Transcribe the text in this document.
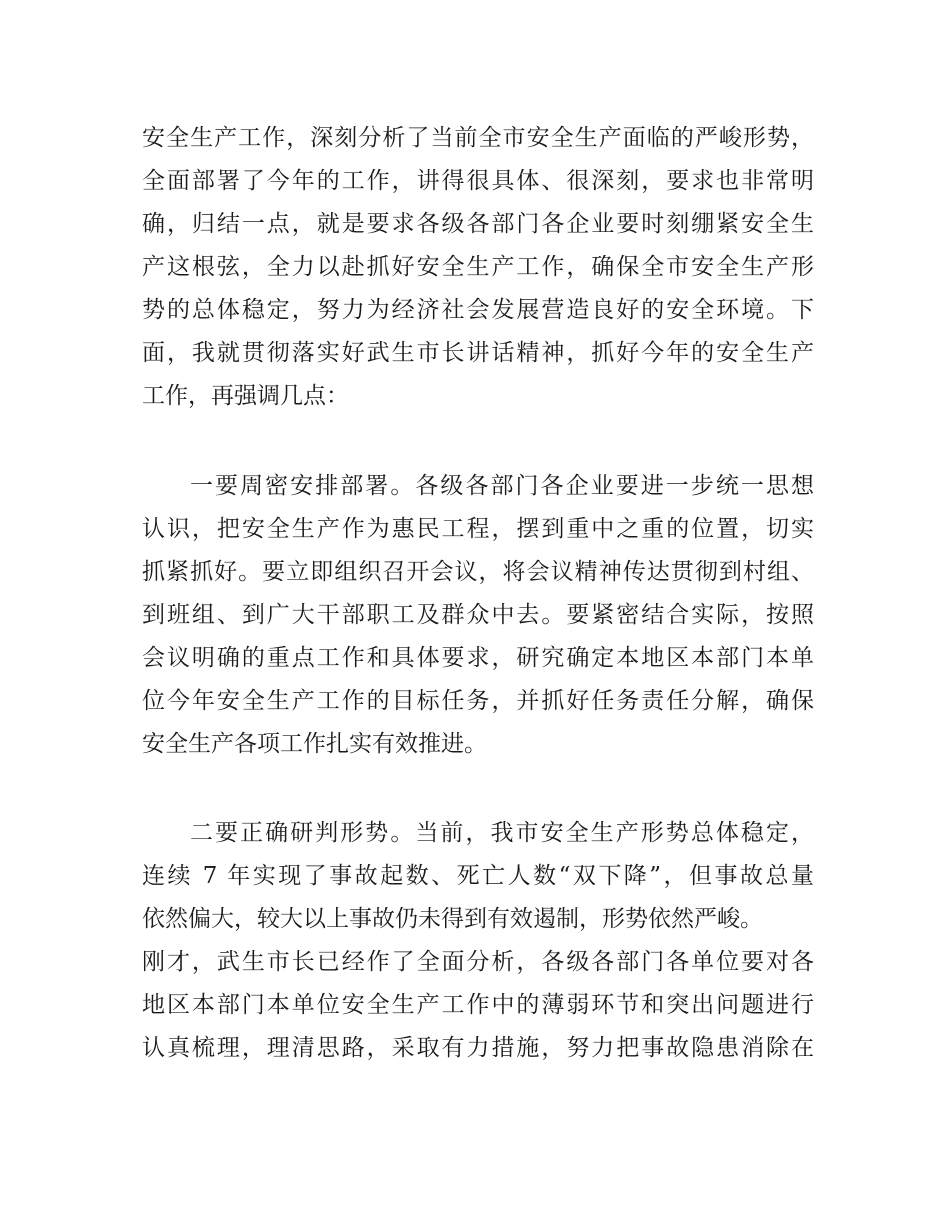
安全生产工作，深刻分析了当前全市安全生产面临的严峻形势，
全面部署了今年的工作，讲得很具体、很深刻，要求也非常明
确，归结一点，就是要求各级各部门各企业要时刻绷紧安全生
产这根弦，全力以赴抓好安全生产工作，确保全市安全生产形
势的总体稳定，努力为经济社会发展营造良好的安全环境。下
面，我就贯彻落实好武生市长讲话精神，抓好今年的安全生产
工作，再强调几点：
一要周密安排部署。各级各部门各企业要进一步统一思想
认识，把安全生产作为惠民工程，摆到重中之重的位置，切实
抓紧抓好。要立即组织召开会议，将会议精神传达贯彻到村组、
到班组、到广大干部职工及群众中去。要紧密结合实际，按照
会议明确的重点工作和具体要求，研究确定本地区本部门本单
位今年安全生产工作的目标任务，并抓好任务责任分解，确保
安全生产各项工作扎实有效推进。
二要正确研判形势。当前，我市安全生产形势总体稳定，
连续 7 年实现了事故起数、死亡人数“双下降”，但事故总量
依然偏大，较大以上事故仍未得到有效遏制，形势依然严峻。
刚才，武生市长已经作了全面分析，各级各部门各单位要对各
地区本部门本单位安全生产工作中的薄弱环节和突出问题进行
认真梳理，理清思路，采取有力措施，努力把事故隐患消除在
